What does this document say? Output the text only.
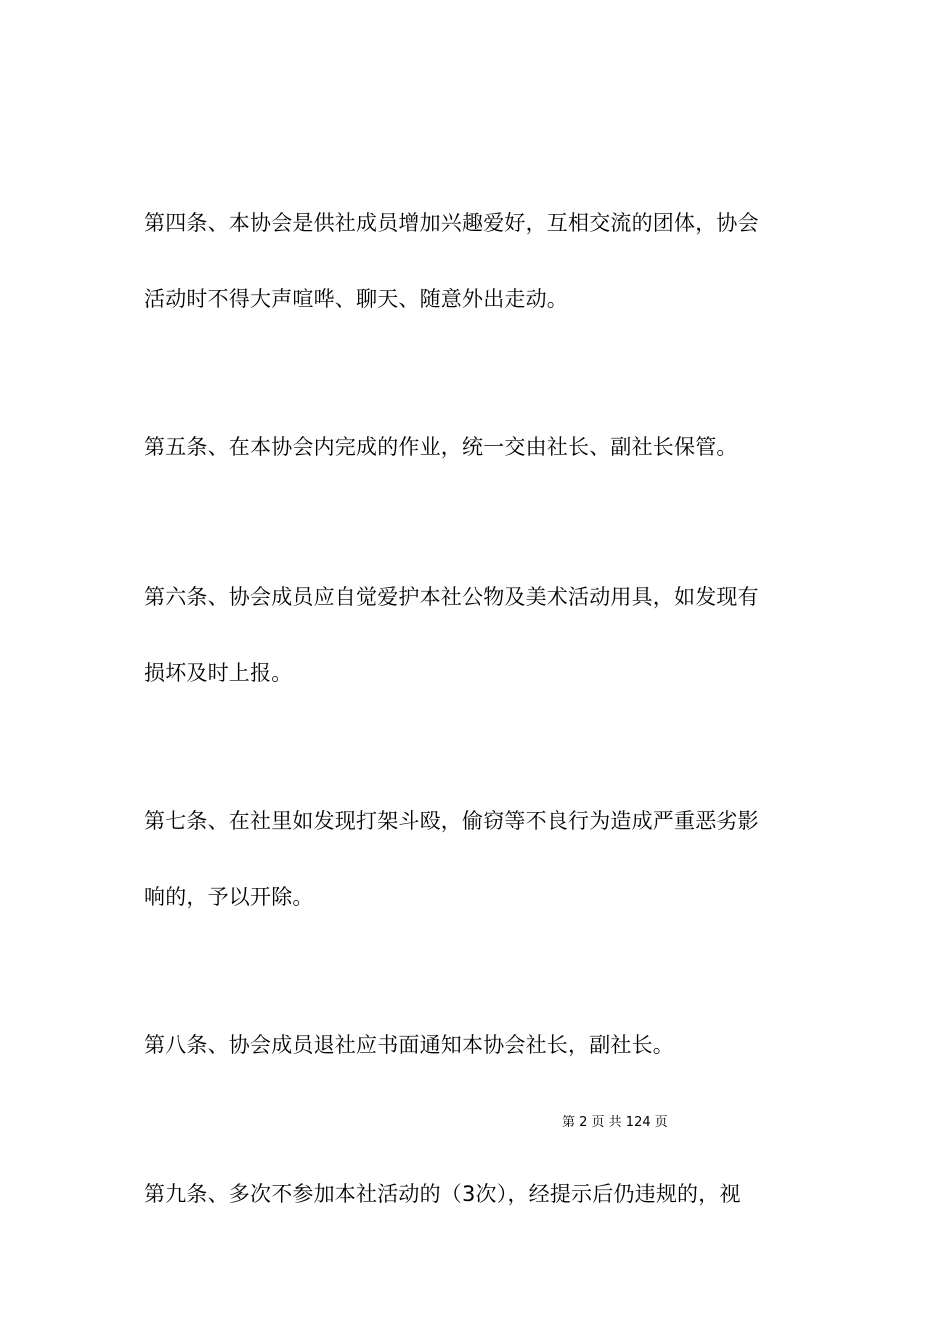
第四条、本协会是供社成员增加兴趣爱好，互相交流的团体，协会
活动时不得大声喧哗、聊天、随意外出走动。
第五条、在本协会内完成的作业，统一交由社长、副社长保管。
第六条、协会成员应自觉爱护本社公物及美术活动用具，如发现有
损坏及时上报。
第七条、在社里如发现打架斗殴，偷窃等不良行为造成严重恶劣影
响的，予以开除。
第八条、协会成员退社应书面通知本协会社长，副社长。
第 2 页 共 124 页
第九条、多次不参加本社活动的（3次），经提示后仍违规的，视
